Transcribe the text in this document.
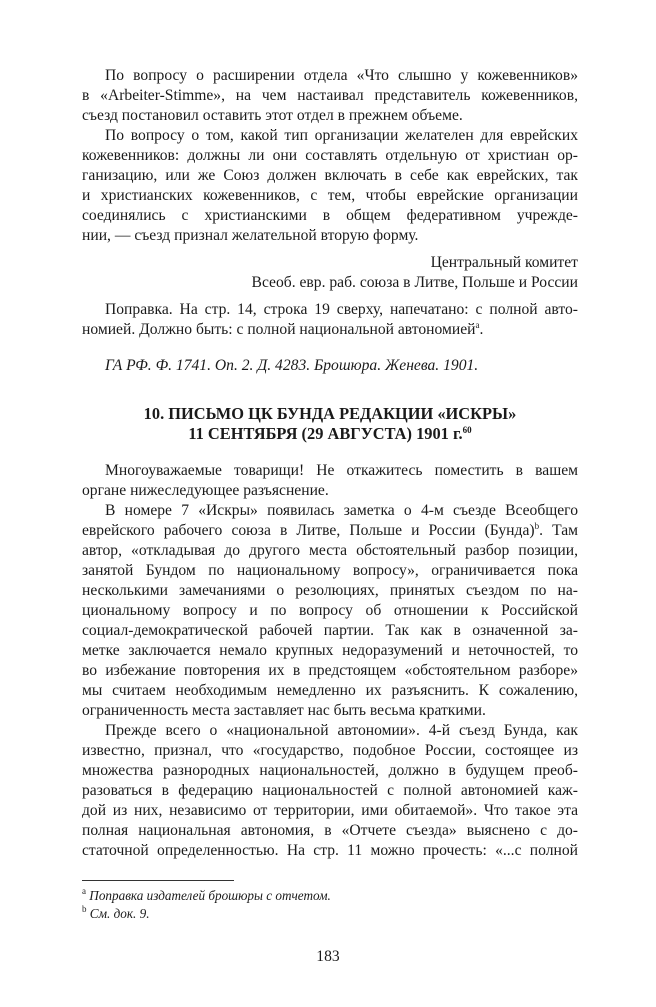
По вопросу о расширении отдела «Что слышно у кожевенников»
в «Arbeiter-Stimme», на чем настаивал представитель кожевенников,
съезд постановил оставить этот отдел в прежнем объеме.
По вопросу о том, какой тип организации желателен для еврейских
кожевенников: должны ли они составлять отдельную от христиан ор-
ганизацию, или же Союз должен включать в себе как еврейских, так
и христианских кожевенников, с тем, чтобы еврейские организации
соединялись с христианскими в общем федеративном учрежде-
нии, — съезд признал желательной вторую форму.
Центральный комитет
Всеоб. евр. раб. союза в Литве, Польше и России
Поправка. На стр. 14, строка 19 сверху, напечатано: с полной авто-
номией. Должно быть: с полной национальной автономией$^a$.
ГА РФ. Ф. 1741. Оп. 2. Д. 4283. Брошюра. Женева. 1901.
10. ПИСЬМО ЦК БУНДА РЕДАКЦИИ «ИСКРЫ»
11 СЕНТЯБРЯ (29 АВГУСТА) 1901 г.$^{60}$
Многоуважаемые товарищи! Не откажитесь поместить в вашем
органе нижеследующее разъяснение.
В номере 7 «Искры» появилась заметка о 4-м съезде Всеобщего
еврейского рабочего союза в Литве, Польше и России (Бунда)$^b$. Там
автор, «откладывая до другого места обстоятельный разбор позиции,
занятой Бундом по национальному вопросу», ограничивается пока
несколькими замечаниями о резолюциях, принятых съездом по на-
циональному вопросу и по вопросу об отношении к Российской
социал-демократической рабочей партии. Так как в означенной за-
метке заключается немало крупных недоразумений и неточностей, то
во избежание повторения их в предстоящем «обстоятельном разборе»
мы считаем необходимым немедленно их разъяснить. К сожалению,
ограниченность места заставляет нас быть весьма краткими.
Прежде всего о «национальной автономии». 4-й съезд Бунда, как
известно, признал, что «государство, подобное России, состоящее из
множества разнородных национальностей, должно в будущем преоб-
разоваться в федерацию национальностей с полной автономией каж-
дой из них, независимо от территории, ими обитаемой». Что такое эта
полная национальная автономия, в «Отчете съезда» выяснено с до-
статочной определенностью. На стр. 11 можно прочесть: «...с полной
$^a$ Поправка издателей брошюры с отчетом.
$^b$ См. док. 9.
183
